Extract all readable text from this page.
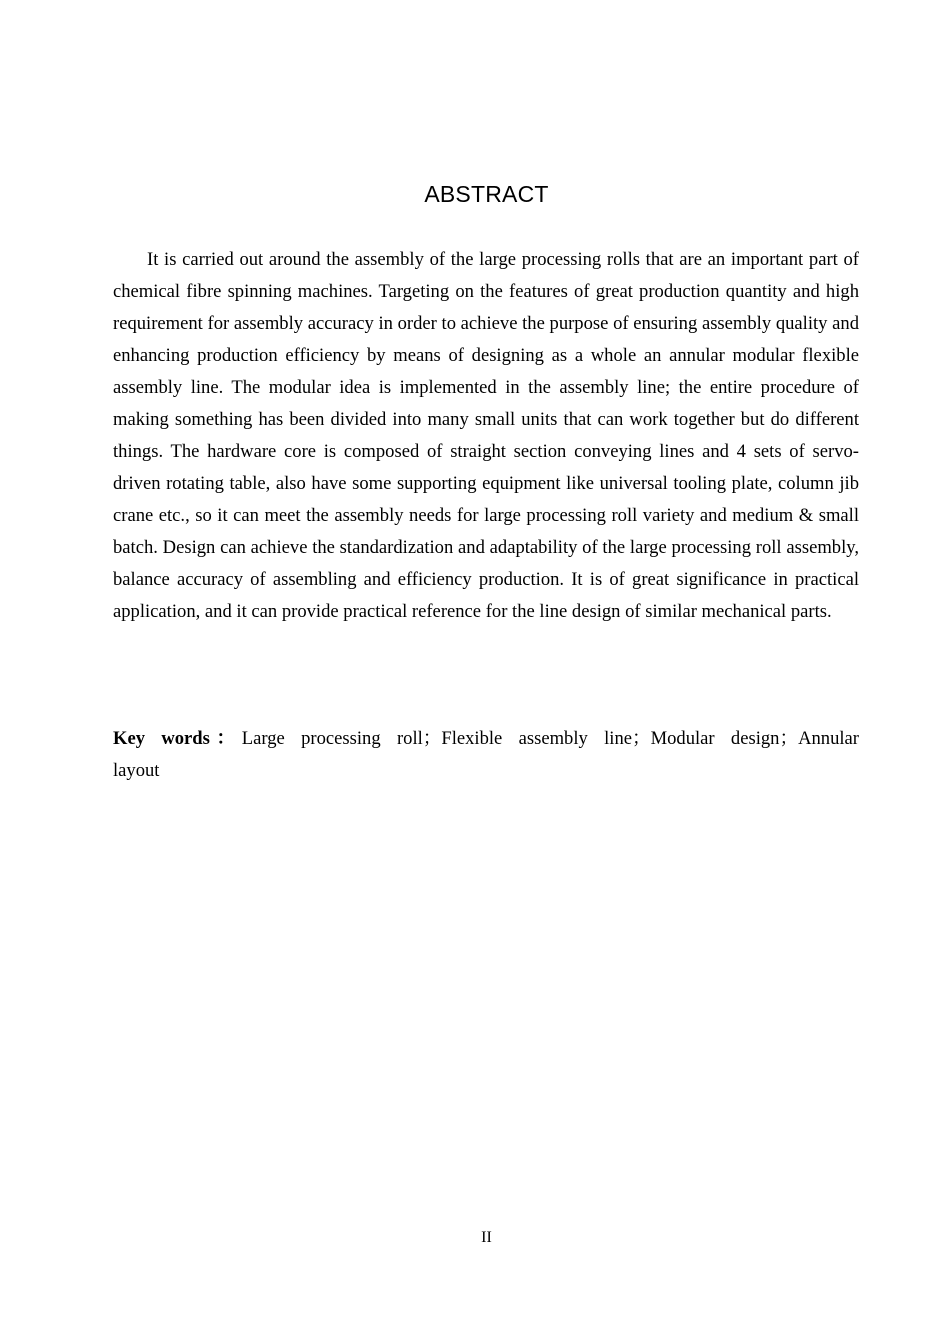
ABSTRACT

It is carried out around the assembly of the large processing rolls that are an important part of chemical fibre spinning machines. Targeting on the features of great production quantity and high requirement for assembly accuracy in order to achieve the purpose of ensuring assembly quality and enhancing production efficiency by means of designing as a whole an annular modular flexible assembly line. The modular idea is implemented in the assembly line; the entire procedure of making something has been divided into many small units that can work together but do different things. The hardware core is composed of straight section conveying lines and 4 sets of servo-driven rotating table, also have some supporting equipment like universal tooling plate, column jib crane etc., so it can meet the assembly needs for large processing roll variety and medium & small batch. Design can achieve the standardization and adaptability of the large processing roll assembly, balance accuracy of assembling and efficiency production. It is of great significance in practical application, and it can provide practical reference for the line design of similar mechanical parts.

Key words：Large processing roll；Flexible assembly line；Modular design；Annular layout

II
